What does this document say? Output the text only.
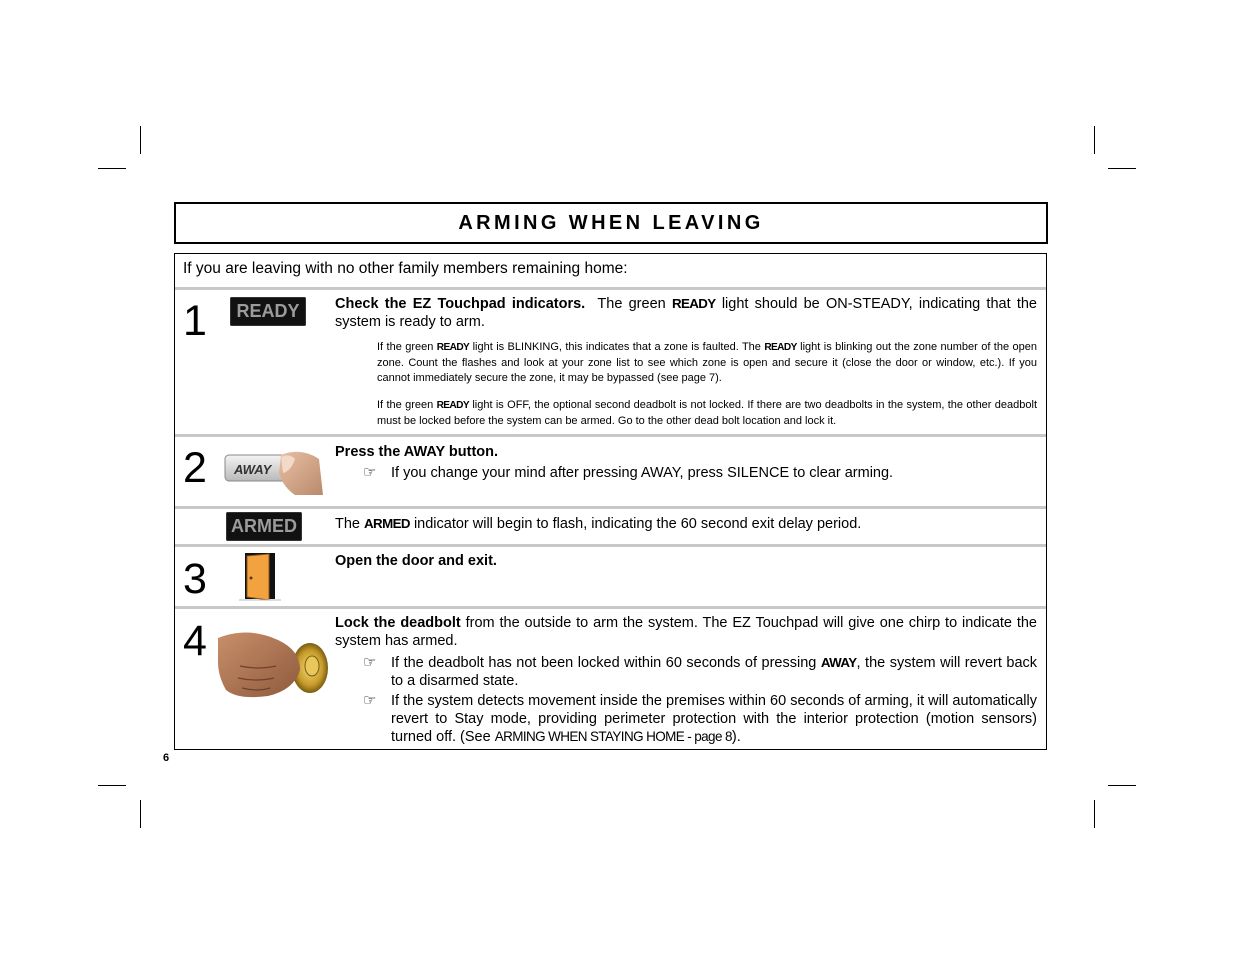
ARMING WHEN LEAVING
If you are leaving with no other family members remaining home:
1 READY Check the EZ Touchpad indicators. The green READY light should be ON-STEADY, indicating that the system is ready to arm.
If the green READY light is BLINKING, this indicates that a zone is faulted. The READY light is blinking out the zone number of the open zone. Count the flashes and look at your zone list to see which zone is open and secure it (close the door or window, etc.). If you cannot immediately secure the zone, it may be bypassed (see page 7).
If the green READY light is OFF, the optional second deadbolt is not locked. If there are two deadbolts in the system, the other deadbolt must be locked before the system can be armed. Go to the other dead bolt location and lock it.
2 AWAY
Press the AWAY button.
☞ If you change your mind after pressing AWAY, press SILENCE to clear arming.
ARMED	The ARMED indicator will begin to flash, indicating the 60 second exit delay period.
3	Open the door and exit.
4	Lock the deadbolt from the outside to arm the system. The EZ Touchpad will give one chirp to indicate the system has armed.
☞ If the deadbolt has not been locked within 60 seconds of pressing AWAY, the system will revert back to a disarmed state.
☞ If the system detects movement inside the premises within 60 seconds of arming, it will automatically revert to Stay mode, providing perimeter protection with the interior protection (motion sensors) turned off. (See ARMING WHEN STAYING HOME - page 8).
6
